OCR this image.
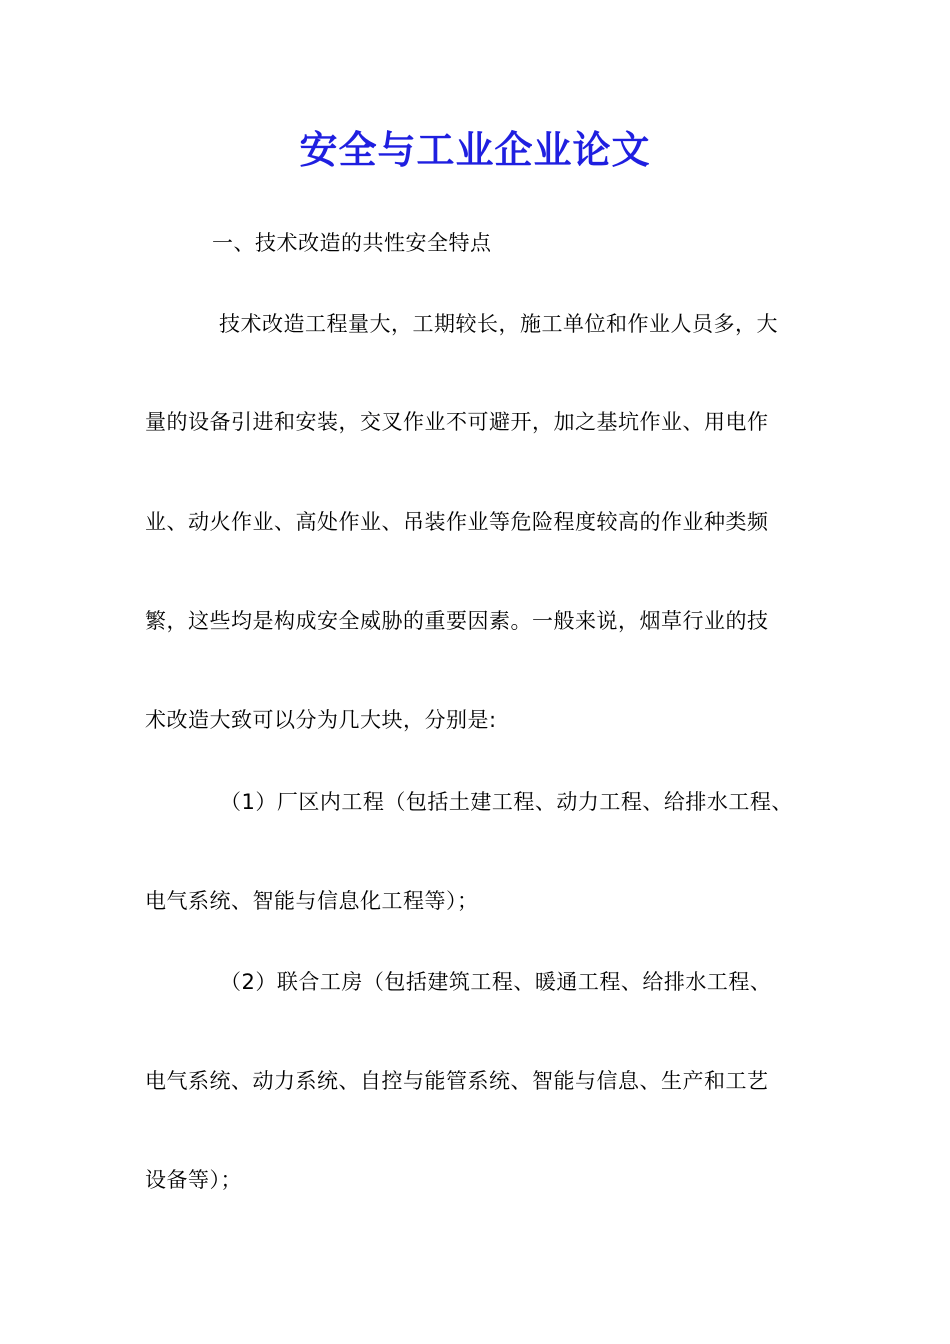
安全与工业企业论文
一、技术改造的共性安全特点
技术改造工程量大，工期较长，施工单位和作业人员多，大
量的设备引进和安装，交叉作业不可避开，加之基坑作业、用电作
业、动火作业、高处作业、吊装作业等危险程度较高的作业种类频
繁，这些均是构成安全威胁的重要因素。一般来说，烟草行业的技
术改造大致可以分为几大块，分别是:
（1）厂区内工程（包括土建工程、动力工程、给排水工程、
电气系统、智能与信息化工程等）；
（2）联合工房（包括建筑工程、暖通工程、给排水工程、
电气系统、动力系统、自控与能管系统、智能与信息、生产和工艺
设备等）；
